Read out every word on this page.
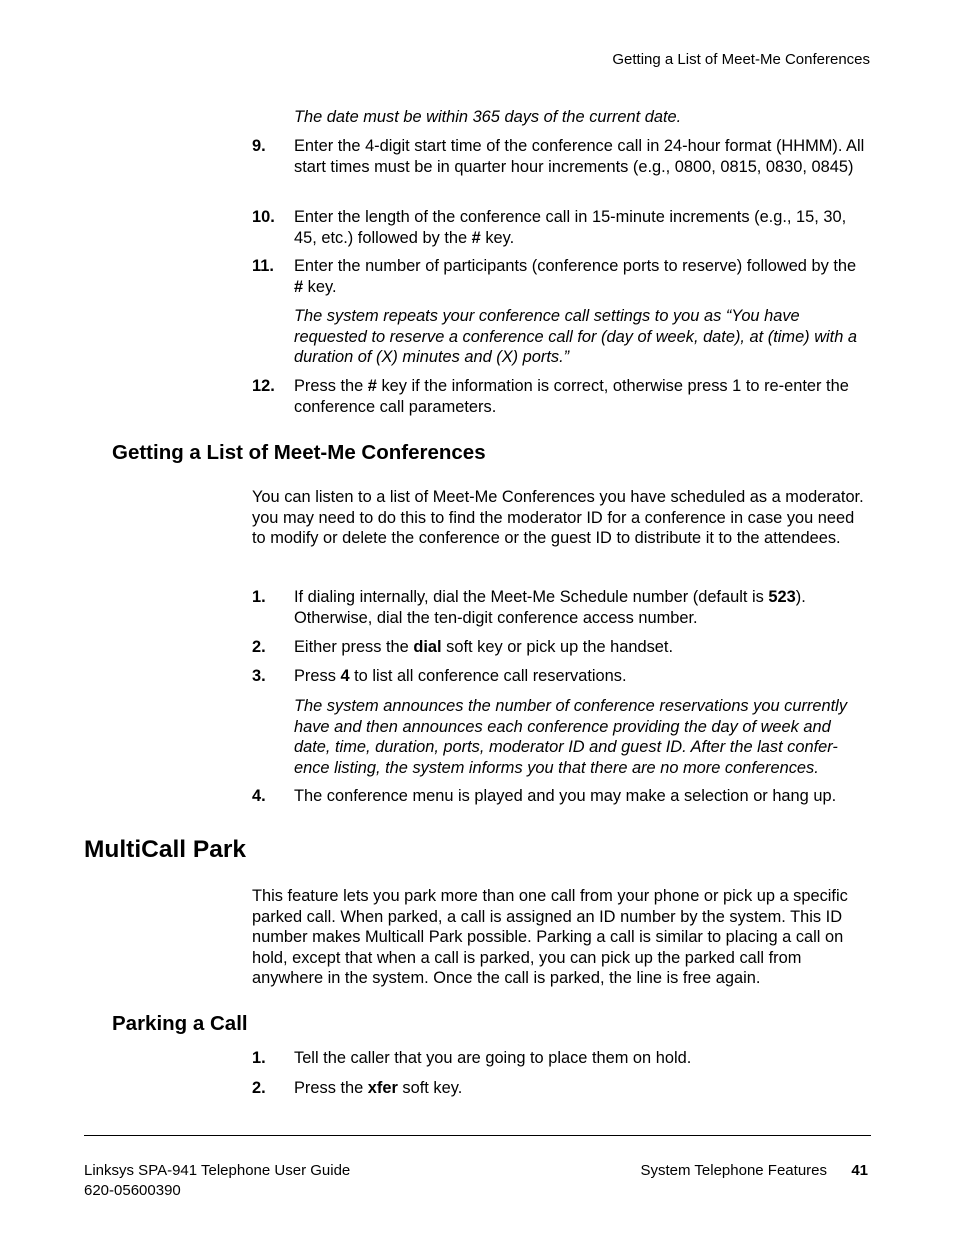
Getting a List of Meet-Me Conferences
The date must be within 365 days of the current date.
9. Enter the 4-digit start time of the conference call in 24-hour format (HHMM). All start times must be in quarter hour increments (e.g., 0800, 0815, 0830, 0845)
10. Enter the length of the conference call in 15-minute increments (e.g., 15, 30, 45, etc.) followed by the # key.
11. Enter the number of participants (conference ports to reserve) followed by the # key.
The system repeats your conference call settings to you as “You have requested to reserve a conference call for (day of week, date), at (time) with a duration of (X) minutes and (X) ports.”
12. Press the # key if the information is correct, otherwise press 1 to re-enter the conference call parameters.
Getting a List of Meet-Me Conferences
You can listen to a list of Meet-Me Conferences you have scheduled as a moderator. you may need to do this to find the moderator ID for a conference in case you need to modify or delete the conference or the guest ID to distribute it to the attendees.
1. If dialing internally, dial the Meet-Me Schedule number (default is 523). Otherwise, dial the ten-digit conference access number.
2. Either press the dial soft key or pick up the handset.
3. Press 4 to list all conference call reservations.
The system announces the number of conference reservations you currently have and then announces each conference providing the day of week and date, time, duration, ports, moderator ID and guest ID. After the last confer-ence listing, the system informs you that there are no more conferences.
4. The conference menu is played and you may make a selection or hang up.
MultiCall Park
This feature lets you park more than one call from your phone or pick up a specific parked call. When parked, a call is assigned an ID number by the system. This ID number makes Multicall Park possible. Parking a call is similar to placing a call on hold, except that when a call is parked, you can pick up the parked call from anywhere in the system. Once the call is parked, the line is free again.
Parking a Call
1. Tell the caller that you are going to place them on hold.
2. Press the xfer soft key.
Linksys SPA-941 Telephone User Guide
620-05600390
System Telephone Features 41
